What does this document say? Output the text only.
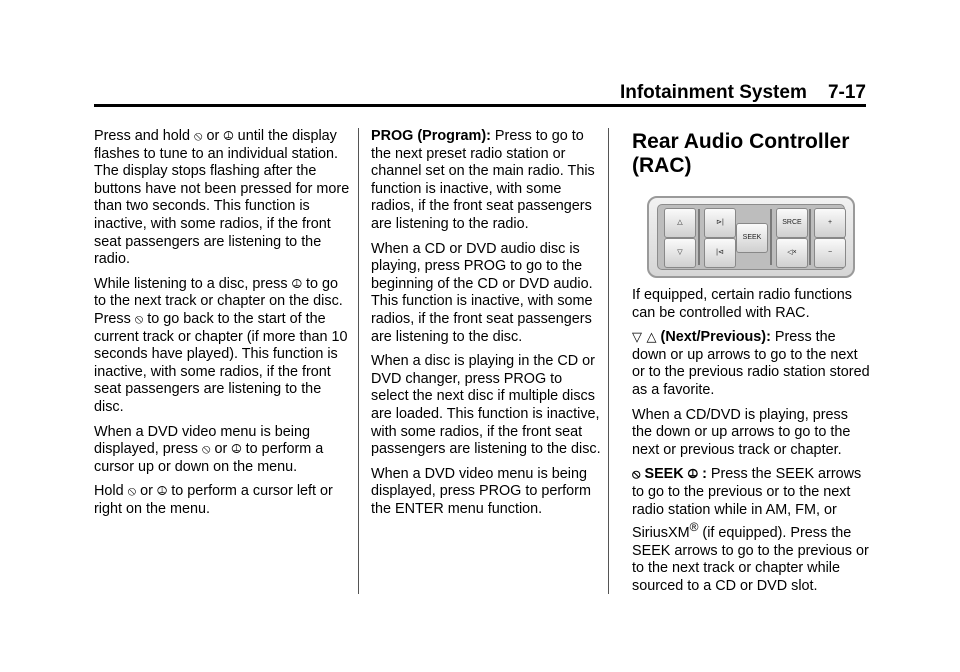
Infotainment System 7-17

Press and hold ⦸ or ⦹ until the display flashes to tune to an individual station. The display stops flashing after the buttons have not been pressed for more than two seconds. This function is inactive, with some radios, if the front seat passengers are listening to the radio.

While listening to a disc, press ⦹ to go to the next track or chapter on the disc. Press ⦸ to go back to the start of the current track or chapter (if more than 10 seconds have played). This function is inactive, with some radios, if the front seat passengers are listening to the disc.

When a DVD video menu is being displayed, press ⦸ or ⦹ to perform a cursor up or down on the menu.

Hold ⦸ or ⦹ to perform a cursor left or right on the menu.

PROG (Program): Press to go to the next preset radio station or channel set on the main radio. This function is inactive, with some radios, if the front seat passengers are listening to the radio.

When a CD or DVD audio disc is playing, press PROG to go to the beginning of the CD or DVD audio. This function is inactive, with some radios, if the front seat passengers are listening to the disc.

When a disc is playing in the CD or DVD changer, press PROG to select the next disc if multiple discs are loaded. This function is inactive, with some radios, if the front seat passengers are listening to the disc.

When a DVD video menu is being displayed, press PROG to perform the ENTER menu function.

Rear Audio Controller (RAC)
△
▽
⊳|
|⊲
SEEK
SRCE
◁×
+
−

If equipped, certain radio functions can be controlled with RAC.

▽ △ (Next/Previous): Press the down or up arrows to go to the next or to the previous radio station stored as a favorite.

When a CD/DVD is playing, press the down or up arrows to go to the next or previous track or chapter.

⦸ SEEK ⦹ : Press the SEEK arrows to go to the previous or to the next radio station while in AM, FM, or SiriusXM® (if equipped). Press the SEEK arrows to go to the previous or to the next track or chapter while sourced to a CD or DVD slot.
